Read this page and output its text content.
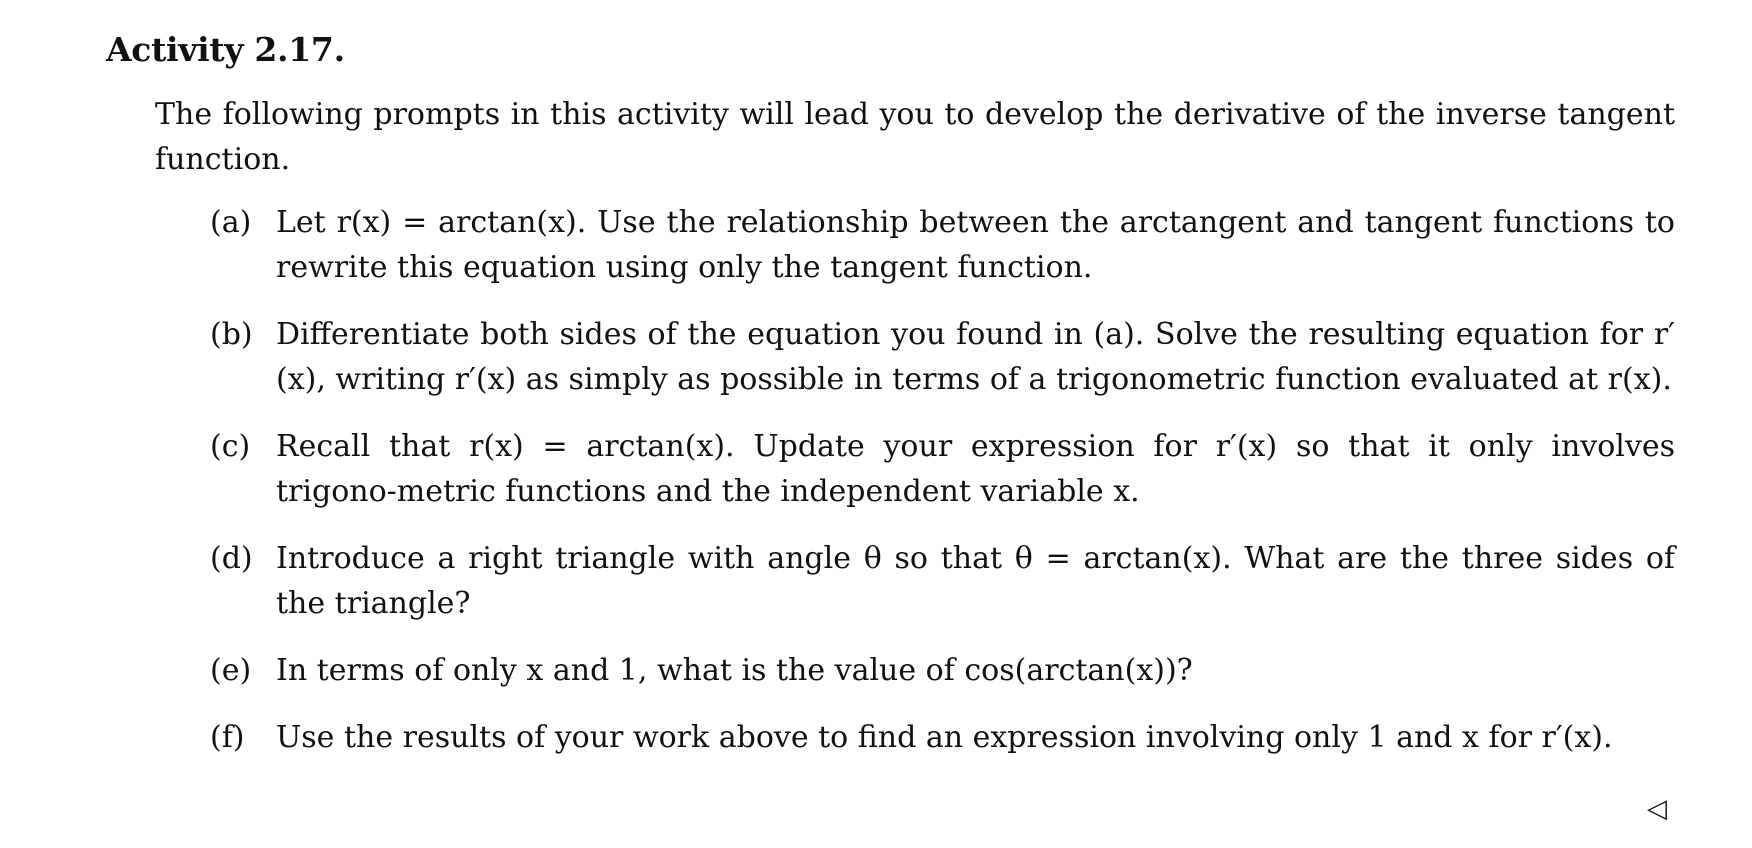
Activity 2.17.
The following prompts in this activity will lead you to develop the derivative of the inverse tangent function.
(a) Let r(x) = arctan(x). Use the relationship between the arctangent and tangent functions to rewrite this equation using only the tangent function.
(b) Differentiate both sides of the equation you found in (a). Solve the resulting equation for r′(x), writing r′(x) as simply as possible in terms of a trigonometric function evaluated at r(x).
(c) Recall that r(x) = arctan(x). Update your expression for r′(x) so that it only involves trigono-metric functions and the independent variable x.
(d) Introduce a right triangle with angle θ so that θ = arctan(x). What are the three sides of the triangle?
(e) In terms of only x and 1, what is the value of cos(arctan(x))?
(f)	Use the results of your work above to find an expression involving only 1 and x for r′(x).
◁
